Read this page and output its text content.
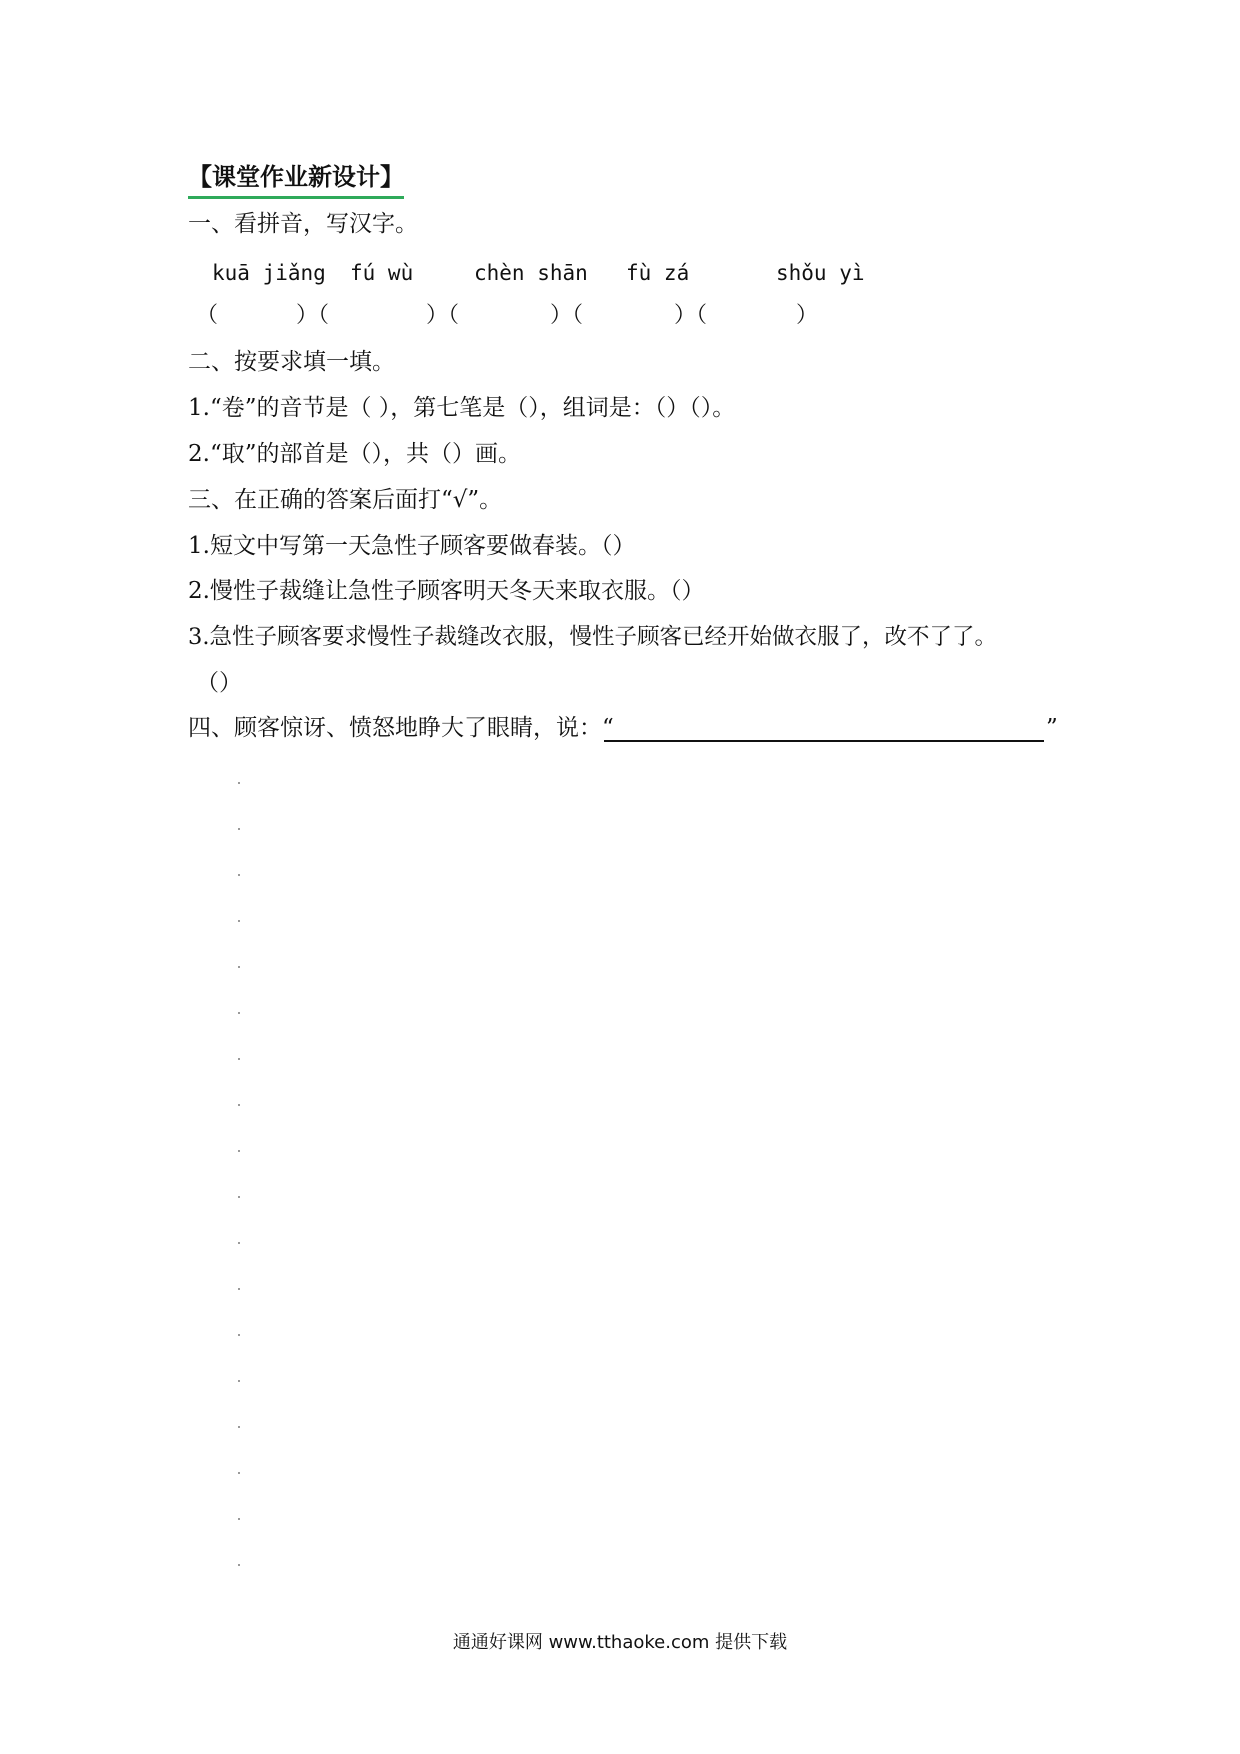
【课堂作业新设计】
一、看拼音，写汉字。
kuā jiǎng fú wù	chèn shān fù zá	shǒu yì
（	）（	）（	）（	）（	）
二、按要求填一填。
1.“卷”的音节是（ ），第七笔是（），组词是：（）（）。
2.“取”的部首是（），共（）画。
三、在正确的答案后面打“√”。
1.短文中写第一天急性子顾客要做春装。（）
2.慢性子裁缝让急性子顾客明天冬天来取衣服。（）
3.急性子顾客要求慢性子裁缝改衣服，慢性子顾客已经开始做衣服了，改不了了。
（）
四、顾客惊讶、愤怒地睁大了眼睛，说：“	”
通通好课网 www.tthaoke.com 提供下载
